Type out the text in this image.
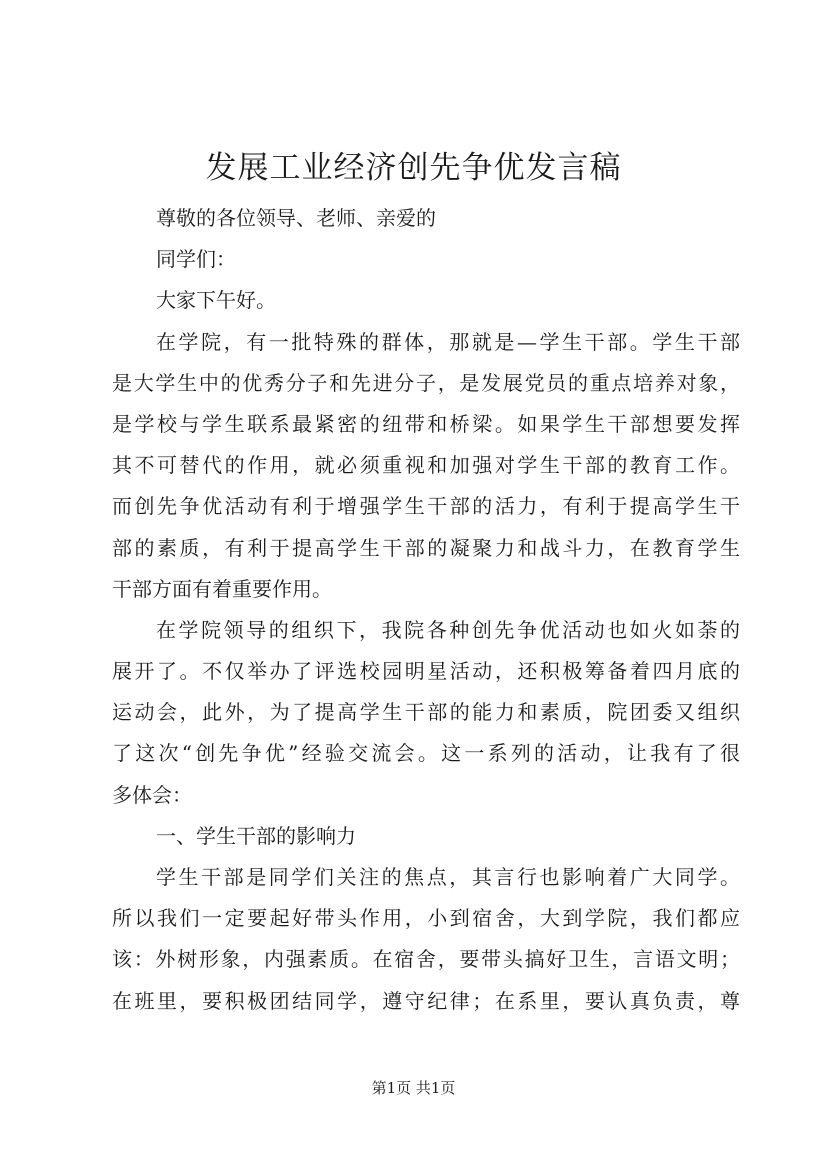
发展工业经济创先争优发言稿
尊敬的各位领导、老师、亲爱的
同学们：
大家下午好。
在学院，有一批特殊的群体，那就是—学生干部。学生干部
是大学生中的优秀分子和先进分子，是发展党员的重点培养对象，
是学校与学生联系最紧密的纽带和桥梁。如果学生干部想要发挥
其不可替代的作用，就必须重视和加强对学生干部的教育工作。
而创先争优活动有利于增强学生干部的活力，有利于提高学生干
部的素质，有利于提高学生干部的凝聚力和战斗力，在教育学生
干部方面有着重要作用。
在学院领导的组织下，我院各种创先争优活动也如火如荼的
展开了。不仅举办了评选校园明星活动，还积极筹备着四月底的
运动会，此外，为了提高学生干部的能力和素质，院团委又组织
了这次“创先争优”经验交流会。这一系列的活动，让我有了很
多体会：
一、学生干部的影响力
学生干部是同学们关注的焦点，其言行也影响着广大同学。
所以我们一定要起好带头作用，小到宿舍，大到学院，我们都应
该：外树形象，内强素质。在宿舍，要带头搞好卫生，言语文明；
在班里，要积极团结同学，遵守纪律；在系里，要认真负责，尊
第1页 共1页
